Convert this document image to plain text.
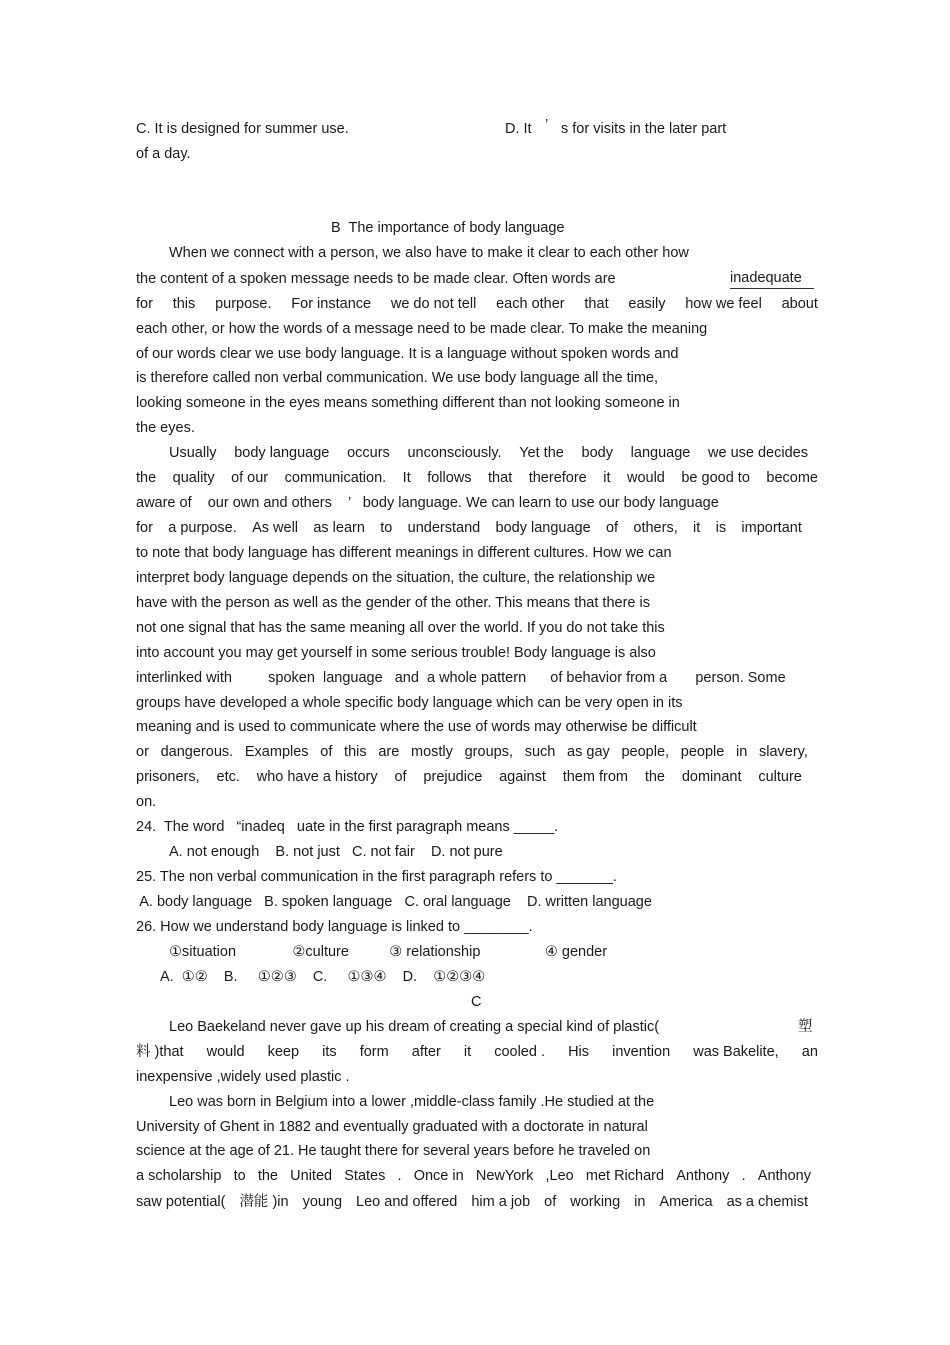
C. It is designed for summer use.	D. It ’ s for visits in the later part
of a day.
B  The importance of body language
When we connect with a person, we also have to make it clear to each other how
the content of a spoken message needs to be made clear. Often words are	inadequate
for this purpose. For instance we do not tell each other that easily how we feel about
each other, or how the words of a message need to be made clear. To make the meaning
of our words clear we use body language. It is a language without spoken words and
is therefore called non verbal communication. We use body language all the time,
looking someone in the eyes means something different than not looking someone in
the eyes.
Usually body language occurs unconsciously. Yet the body language we use decides
the quality of our communication. It follows that therefore it would be good to become
aware of    our own and others    ’   body language. We can learn to use our body language
for a purpose. As well as learn to understand body language of others, it is important
to note that body language has different meanings in different cultures. How we can
interpret body language depends on the situation, the culture, the relationship we
have with the person as well as the gender of the other. This means that there is
not one signal that has the same meaning all over the world. If you do not take this
into account you may get yourself in some serious trouble! Body language is also
interlinked with         spoken  language   and  a whole pattern      of behavior from a       person. Some
groups have developed a whole specific body language which can be very open in its
meaning and is used to communicate where the use of words may otherwise be difficult
or dangerous. Examples of this are mostly groups, such as gay people, people in slavery,
prisoners, etc. who have a history of prejudice against them from the dominant culture
on.
24.  The word   “inadeq   uate in the first paragraph means _____.
A. not enough    B. not just   C. not fair    D. not pure
25. The non verbal communication in the first paragraph refers to _______.
A. body language   B. spoken language   C. oral language    D. written language
26. How we understand body language is linked to ________.
①situation              ②culture          ③ relationship                ④ gender
A.  ①②    B.     ①②③    C.     ①③④    D.    ①②③④
C
Leo Baekeland never gave up his dream of creating a special kind of plastic(	塑
料 )that would keep its form after it cooled . His invention was Bakelite, an
inexpensive ,widely used plastic .
Leo was born in Belgium into a lower ,middle-class family .He studied at the
University of Ghent in 1882 and eventually graduated with a doctorate in natural
science at the age of 21. He taught there for several years before he traveled on
a scholarship to the United States . Once in NewYork ,Leo met Richard Anthony . Anthony
saw potential( 潜能 )in young Leo and offered him a job of working in America as a chemist
